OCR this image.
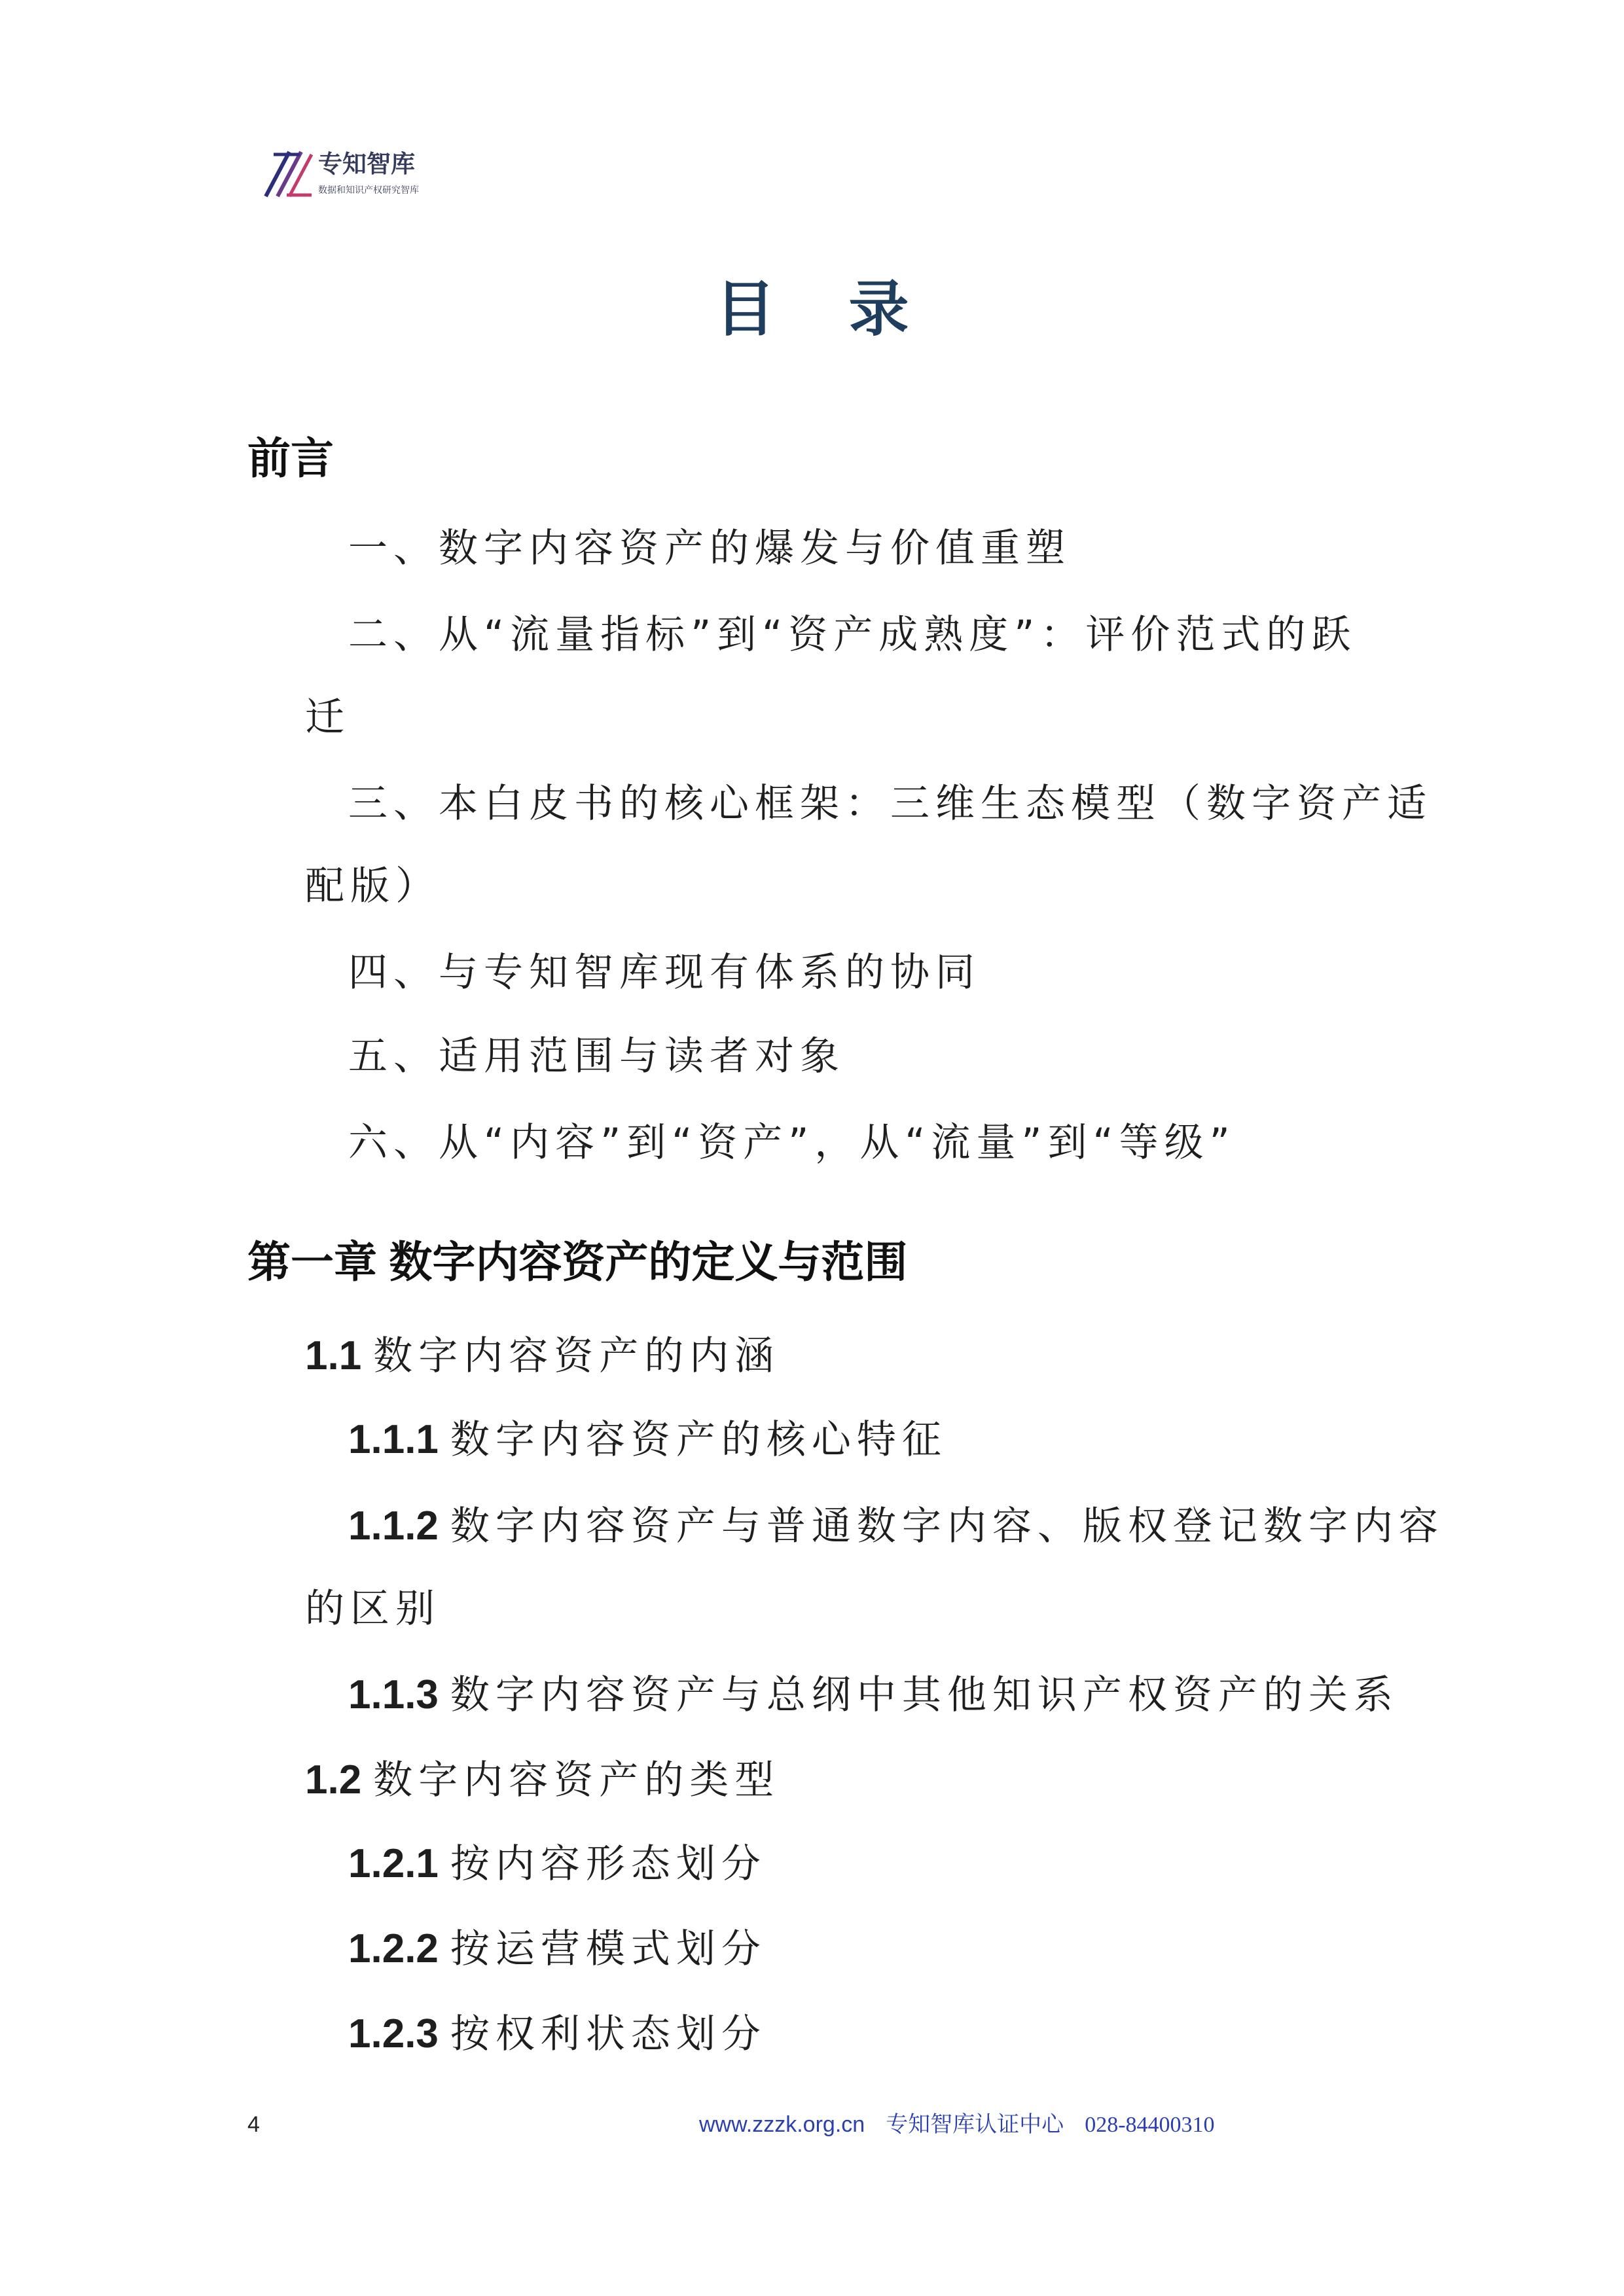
专知智库
数据和知识产权研究智库
目 录
前言
一、数字内容资产的爆发与价值重塑
二、从“流量指标”到“资产成熟度”：评价范式的跃
迁
三、本白皮书的核心框架：三维生态模型（数字资产适
配版）
四、与专知智库现有体系的协同
五、适用范围与读者对象
六、从“内容”到“资产”，从“流量”到“等级”
第一章 数字内容资产的定义与范围
1.1 数字内容资产的内涵
1.1.1 数字内容资产的核心特征
1.1.2 数字内容资产与普通数字内容、版权登记数字内容
的区别
1.1.3 数字内容资产与总纲中其他知识产权资产的关系
1.2 数字内容资产的类型
1.2.1 按内容形态划分
1.2.2 按运营模式划分
1.2.3 按权利状态划分
4	www.zzzk.org.cn 专知智库认证中心 028-84400310
